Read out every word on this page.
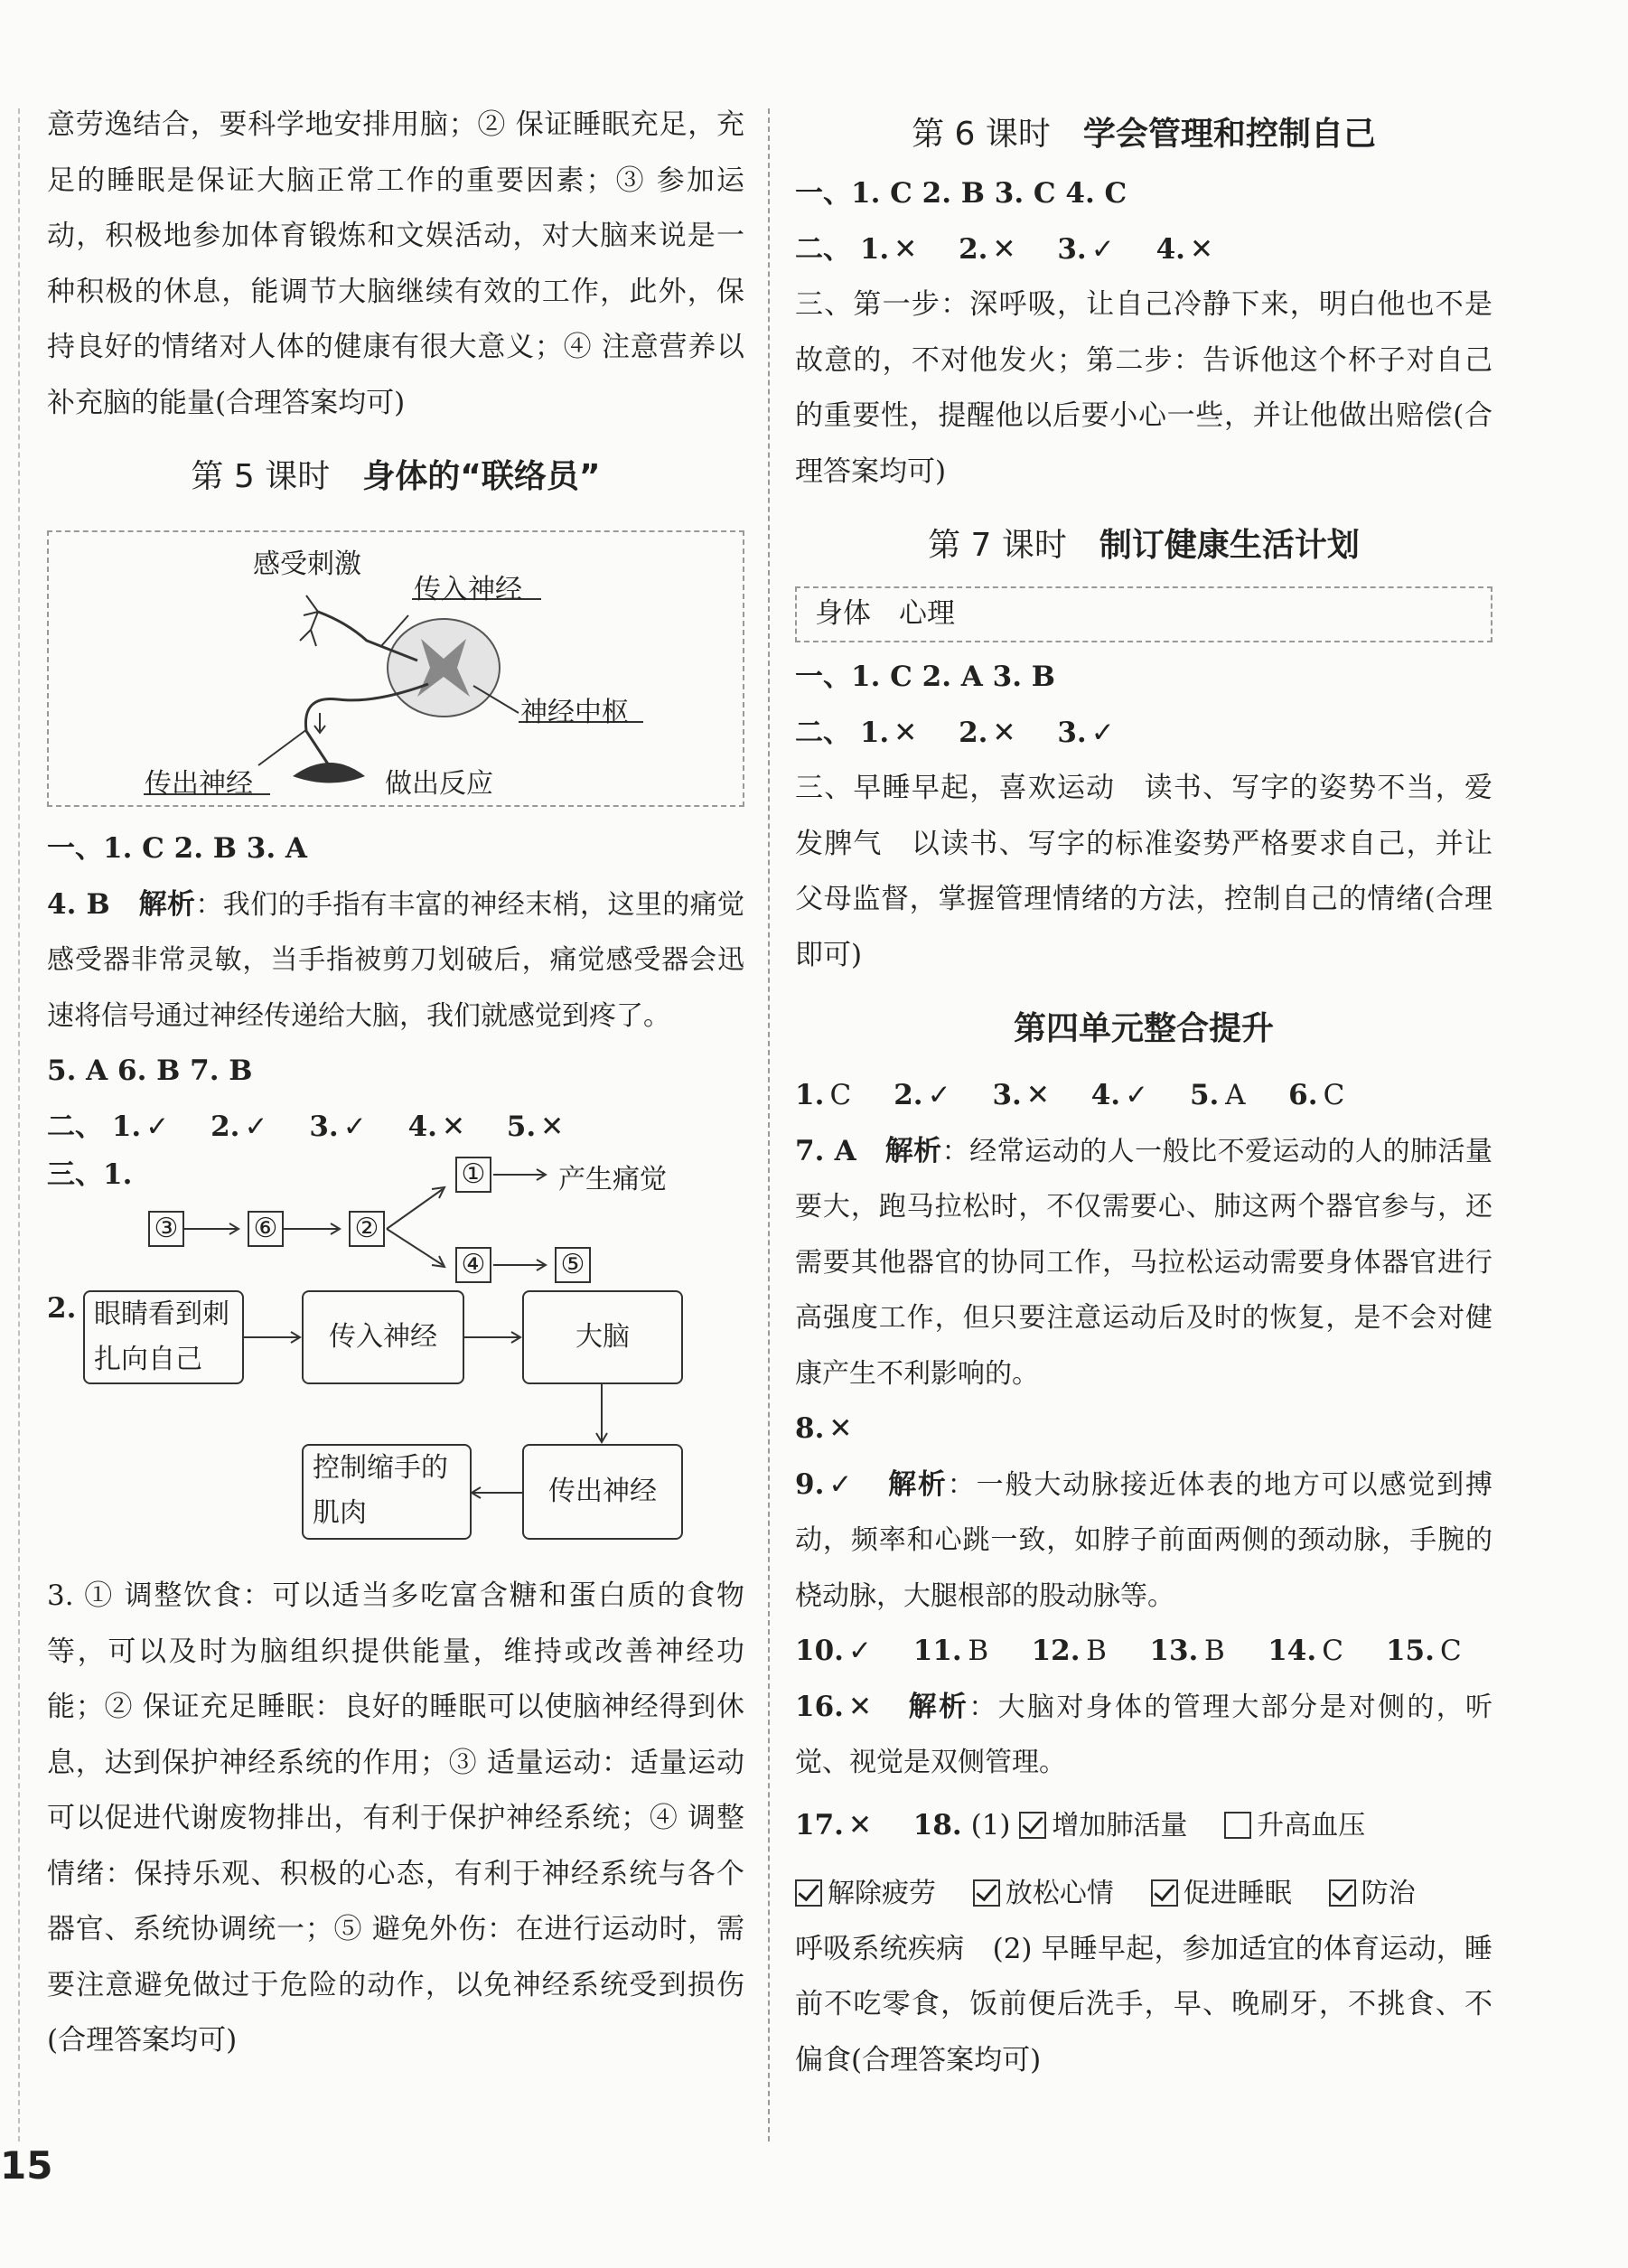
意劳逸结合，要科学地安排用脑；② 保证睡眠充足，充足的睡眠是保证大脑正常工作的重要因素；③ 参加运动，积极地参加体育锻炼和文娱活动，对大脑来说是一种积极的休息，能调节大脑继续有效的工作，此外，保持良好的情绪对人体的健康有很大意义；④ 注意营养以补充脑的能量(合理答案均可)

第 5 课时　 身体的“联络员”
感受刺激
传入神经
神经中枢
传出神经	做出反应

一、1. C 2. B 3. A

4. B　 解析：我们的手指有丰富的神经末梢，这里的痛觉感受器非常灵敏，当手指被剪刀划破后，痛觉感受器会迅速将信号通过神经传递给大脑，我们就感觉到疼了。

5. A 6. B 7. B

二、 1. ✓　 2. ✓　 3. ✓　 4. ✕　 5. ✕

三、1.
③	⑥	②
①
④	⑤
产生痛觉
2. 眼睛看到刺
扎向自己
传入神经	大脑
传出神经
控制缩手的
肌肉

3. ① 调整饮食：可以适当多吃富含糖和蛋白质的食物等，可以及时为脑组织提供能量，维持或改善神经功能；② 保证充足睡眠：良好的睡眠可以使脑神经得到休息，达到保护神经系统的作用；③ 适量运动：适量运动可以促进代谢废物排出，有利于保护神经系统；④ 调整情绪：保持乐观、积极的心态，有利于神经系统与各个器官、系统协调统一；⑤ 避免外伤：在进行运动时，需要注意避免做过于危险的动作，以免神经系统受到损伤(合理答案均可)

第 6 课时　 学会管理和控制自己

一、1. C 2. B 3. C 4. C

二、 1. ✕　 2. ✕　 3. ✓　 4. ✕

三、第一步：深呼吸，让自己冷静下来，明白他也不是故意的，不对他发火；第二步：告诉他这个杯子对自己的重要性，提醒他以后要小心一些，并让他做出赔偿(合理答案均可)

第 7 课时　 制订健康生活计划
身体　 心理

一、1. C 2. A 3. B

二、 1. ✕　 2. ✕　 3. ✓

三、早睡早起，喜欢运动　读书、写字的姿势不当，爱发脾气　以读书、写字的标准姿势严格要求自己，并让父母监督，掌握管理情绪的方法，控制自己的情绪(合理即可)

第四单元整合提升

1. C　 2. ✓　 3. ✕　 4. ✓　 5. A　 6. C

7. A　 解析：经常运动的人一般比不爱运动的人的肺活量要大，跑马拉松时，不仅需要心、肺这两个器官参与，还需要其他器官的协同工作，马拉松运动需要身体器官进行高强度工作，但只要注意运动后及时的恢复，是不会对健康产生不利影响的。

8. ✕

9. ✓　 解析：一般大动脉接近体表的地方可以感觉到搏动，频率和心跳一致，如脖子前面两侧的颈动脉，手腕的桡动脉，大腿根部的股动脉等。

10. ✓　 11. B　 12. B　 13. B　 14. C　 15. C

16. ✕　 解析：大脑对身体的管理大部分是对侧的，听觉、视觉是双侧管理。

17. ✕　 18. (1) 增加肺活量 　	升高血压

解除疲劳 　	放松心情 　	促进睡眠 　	防治

呼吸系统疾病　 (2) 早睡早起，参加适宜的体育运动，睡前不吃零食，饭前便后洗手，早、晚刷牙，不挑食、不偏食(合理答案均可)

15
